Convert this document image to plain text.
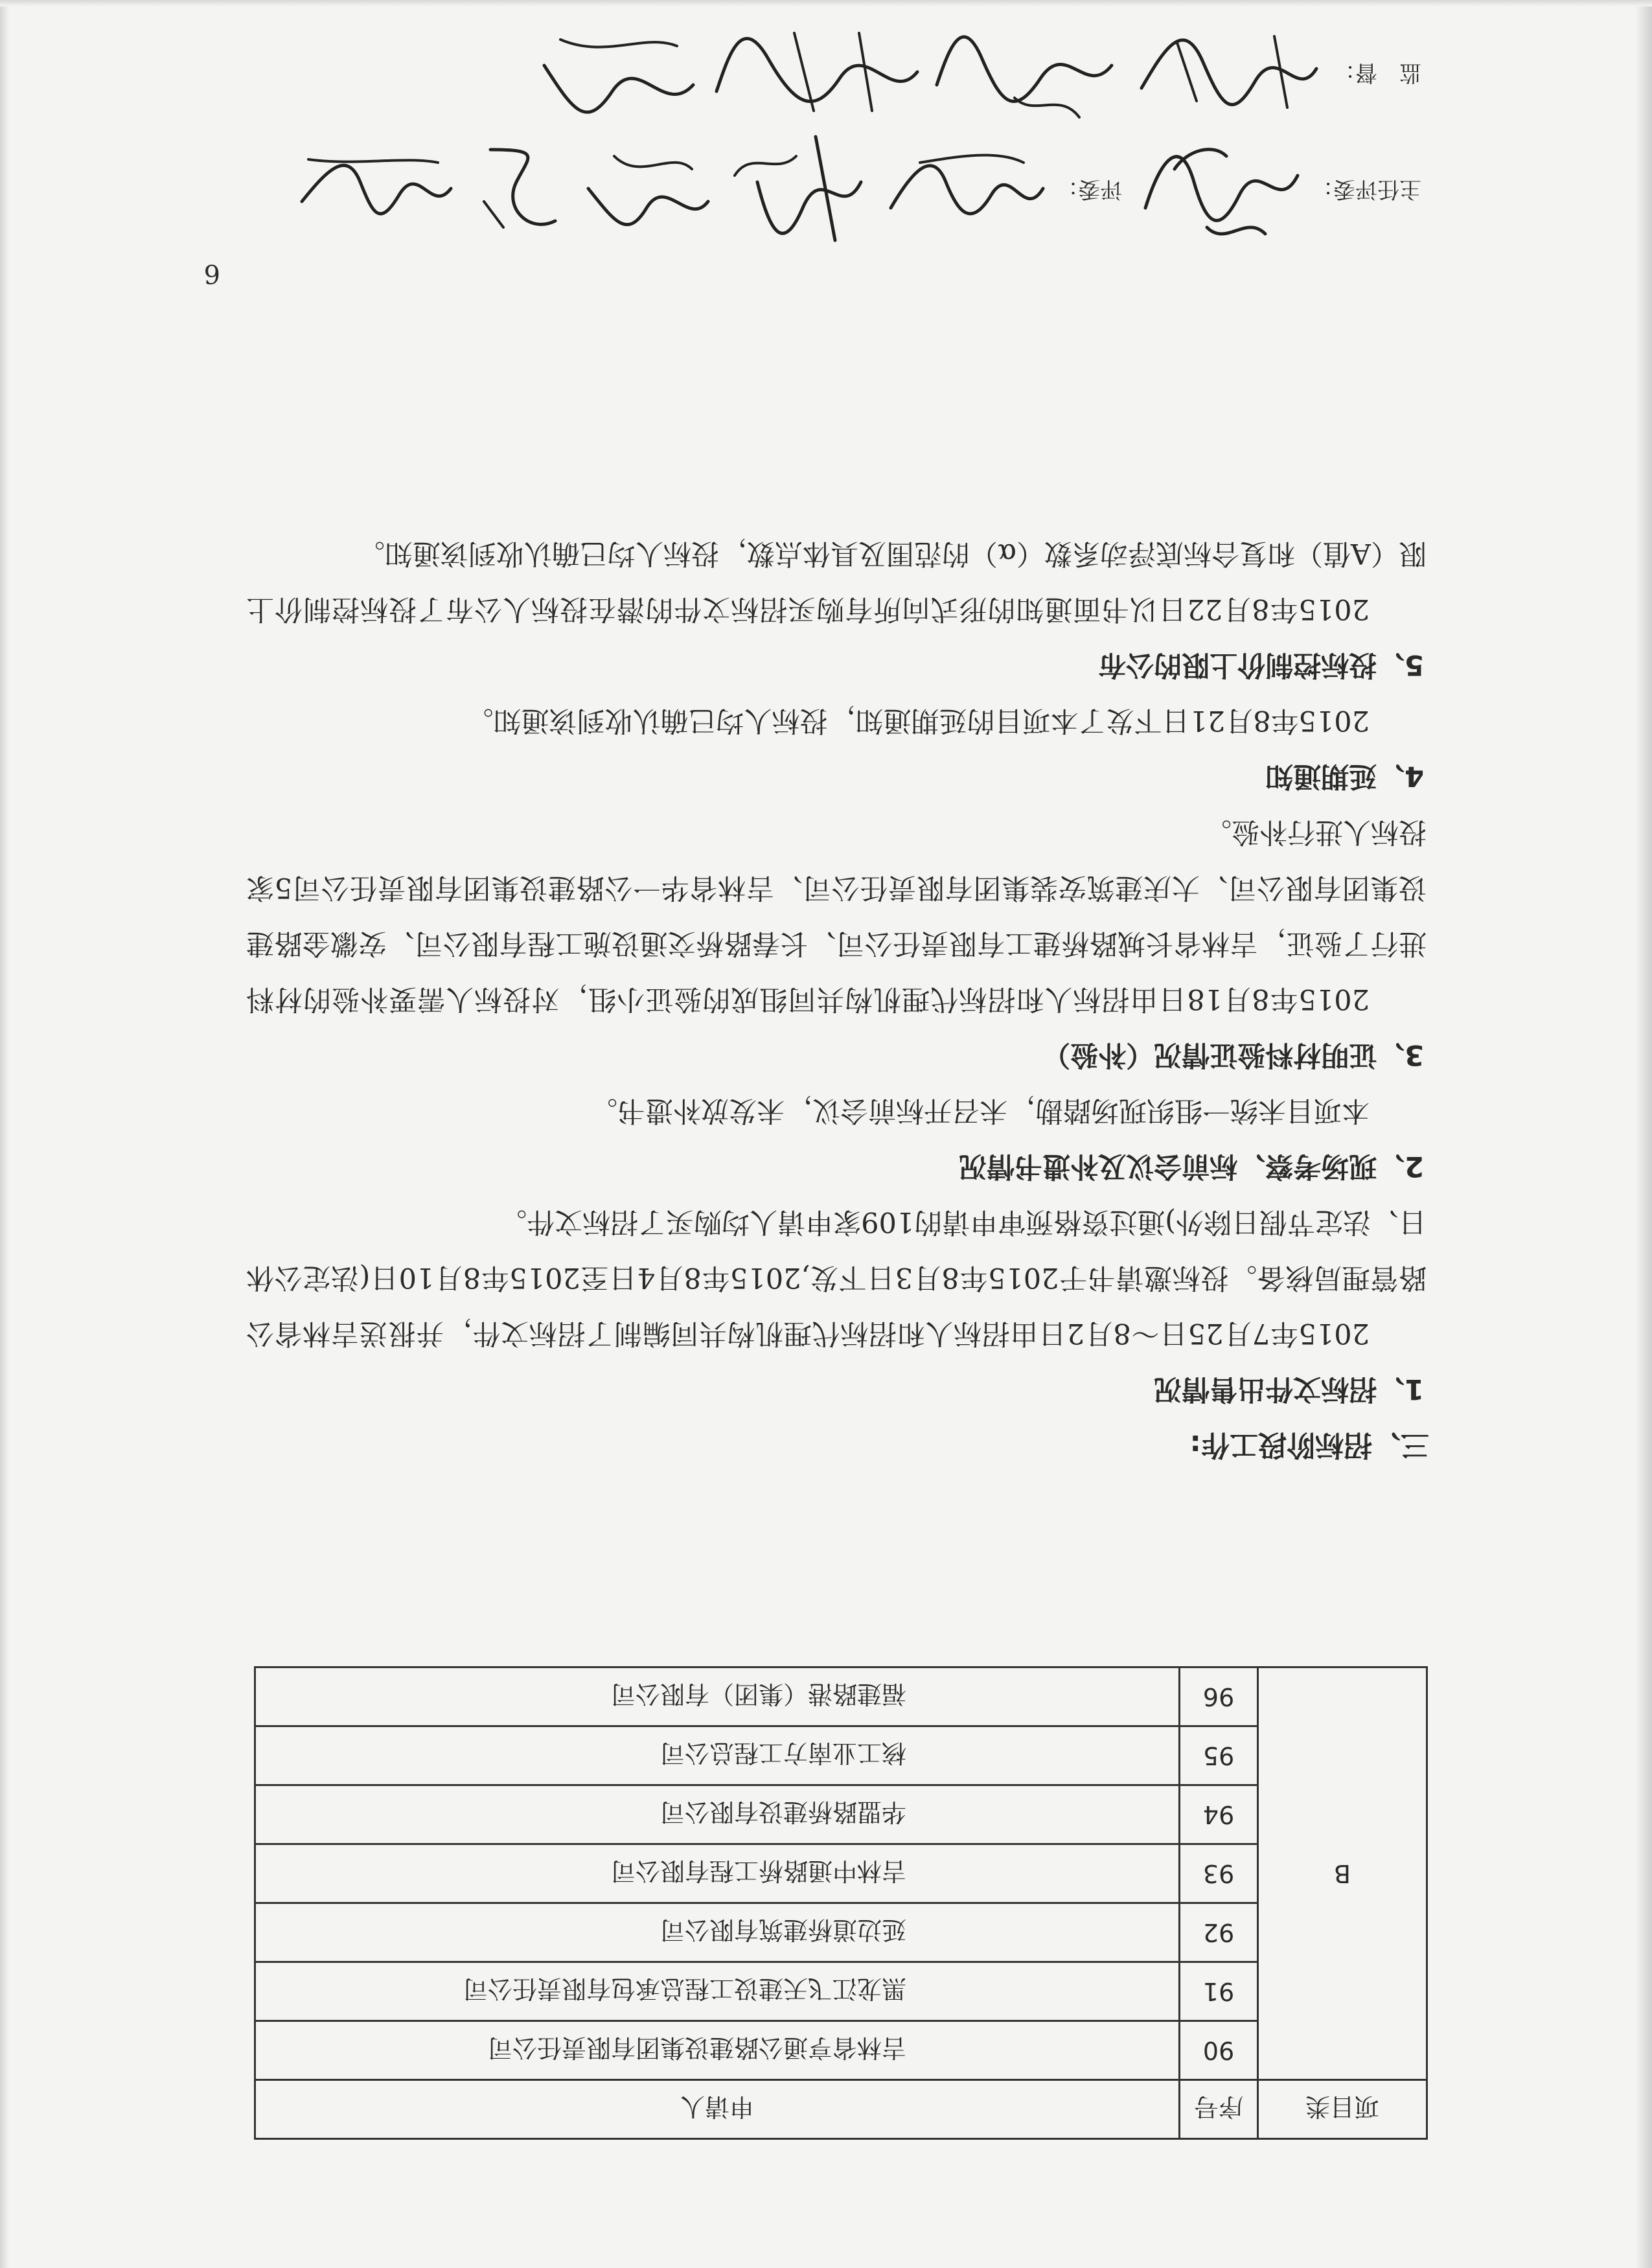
项目类	序号	申请人
B	90	吉林省亨通公路建设集团有限责任公司
	91	黑龙江飞天建设工程总承包有限责任公司
	92	延边道桥建筑有限公司
	93	吉林中通路桥工程有限公司
	94	华盟路桥建设有限公司
	95	核工业南方工程总公司
	96	福建路港（集团）有限公司
三、招标阶段工作:
1、招标文件出售情况
2015年7月25日～8月2日由招标人和招标代理机构共同编制了招标文件，并报送吉林省公路管理局核备。投标邀请书于2015年8月3日下发,2015年8月4日至2015年8月10日(法定公休日、法定节假日除外)通过资格预审申请的109家申请人均购买了招标文件。
2、现场考察、标前会议及补遗书情况
本项目未统一组织现场踏勘，未召开标前会议，未发放补遗书。
3、证明材料验证情况（补验）
2015年8月18日由招标人和招标代理机构共同组成的验证小组，对投标人需要补验的材料进行了验证，吉林省长城路桥建工有限责任公司、长春路桥交通设施工程有限公司、安徽金路建设集团有限公司、大庆建筑安装集团有限责任公司、吉林省华一公路建设集团有限责任公司5家投标人进行补验。
4、延期通知
2015年8月21日下发了本项目的延期通知，投标人均已确认收到该通知。
5、投标控制价上限的公布
2015年8月22日以书面通知的形式向所有购买招标文件的潜在投标人公布了投标控制价上限（A值）和复合标底浮动系数（α）的范围及具体点数，投标人均已确认收到该通知。
6
主任评委：  评委：
监　督：
